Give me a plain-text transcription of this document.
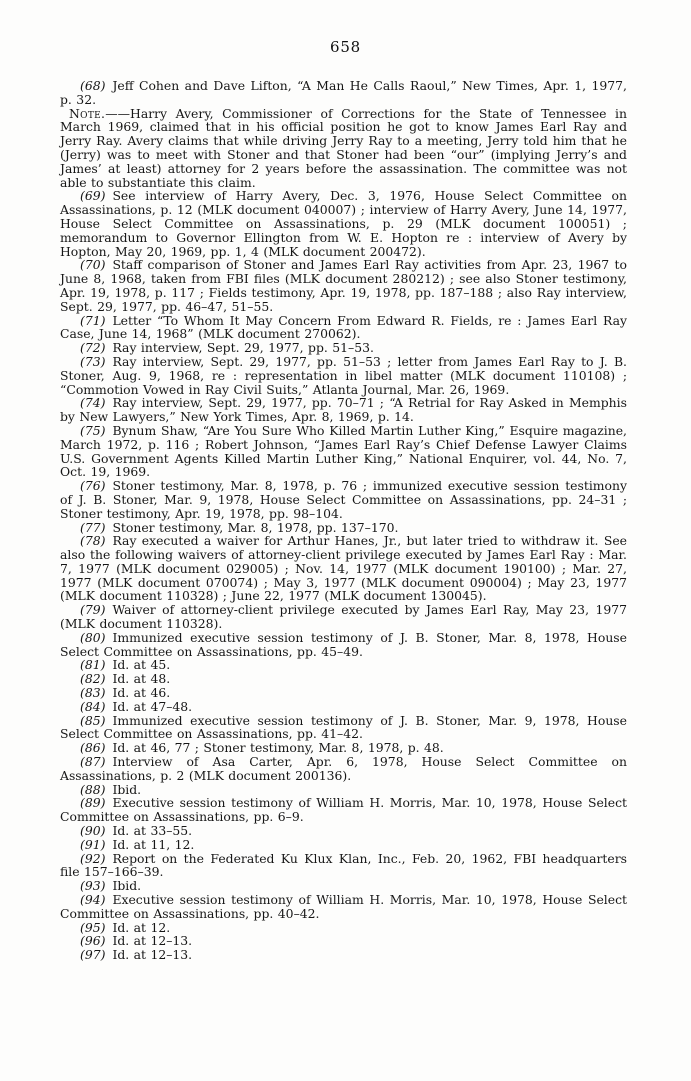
658

(68) Jeff Cohen and Dave Lifton, “A Man He Calls Raoul,” New Times, Apr. 1, 1977, p. 32.

Note.——Harry Avery, Commissioner of Corrections for the State of Tennessee in March 1969, claimed that in his official position he got to know James Earl Ray and Jerry Ray. Avery claims that while driving Jerry Ray to a meeting, Jerry told him that he (Jerry) was to meet with Stoner and that Stoner had been “our” (implying Jerry’s and James’ at least) attorney for 2 years before the assassination. The committee was not able to substantiate this claim.

(69) See interview of Harry Avery, Dec. 3, 1976, House Select Committee on Assassinations, p. 12 (MLK document 040007) ; interview of Harry Avery, June 14, 1977, House Select Committee on Assassinations, p. 29 (MLK document 100051) ; memorandum to Governor Ellington from W. E. Hopton re : interview of Avery by Hopton, May 20, 1969, pp. 1, 4 (MLK document 200472).

(70) Staff comparison of Stoner and James Earl Ray activities from Apr. 23, 1967 to June 8, 1968, taken from FBI files (MLK document 280212) ; see also Stoner testimony, Apr. 19, 1978, p. 117 ; Fields testimony, Apr. 19, 1978, pp. 187–188 ; also Ray interview, Sept. 29, 1977, pp. 46–47, 51–55.

(71) Letter “To Whom It May Concern From Edward R. Fields, re : James Earl Ray Case, June 14, 1968” (MLK document 270062).

(72) Ray interview, Sept. 29, 1977, pp. 51–53.

(73) Ray interview, Sept. 29, 1977, pp. 51–53 ; letter from James Earl Ray to J. B. Stoner, Aug. 9, 1968, re : representation in libel matter (MLK document 110108) ; “Commotion Vowed in Ray Civil Suits,” Atlanta Journal, Mar. 26, 1969.

(74) Ray interview, Sept. 29, 1977, pp. 70–71 ; “A Retrial for Ray Asked in Memphis by New Lawyers,” New York Times, Apr. 8, 1969, p. 14.

(75) Bynum Shaw, “Are You Sure Who Killed Martin Luther King,” Esquire magazine, March 1972, p. 116 ; Robert Johnson, “James Earl Ray’s Chief Defense Lawyer Claims U.S. Government Agents Killed Martin Luther King,” National Enquirer, vol. 44, No. 7, Oct. 19, 1969.

(76) Stoner testimony, Mar. 8, 1978, p. 76 ; immunized executive session testimony of J. B. Stoner, Mar. 9, 1978, House Select Committee on Assassinations, pp. 24–31 ; Stoner testimony, Apr. 19, 1978, pp. 98–104.

(77) Stoner testimony, Mar. 8, 1978, pp. 137–170.

(78) Ray executed a waiver for Arthur Hanes, Jr., but later tried to withdraw it. See also the following waivers of attorney-client privilege executed by James Earl Ray : Mar. 7, 1977 (MLK document 029005) ; Nov. 14, 1977 (MLK document 190100) ; Mar. 27, 1977 (MLK document 070074) ; May 3, 1977 (MLK document 090004) ; May 23, 1977 (MLK document 110328) ; June 22, 1977 (MLK document 130045).

(79) Waiver of attorney-client privilege executed by James Earl Ray, May 23, 1977 (MLK document 110328).

(80) Immunized executive session testimony of J. B. Stoner, Mar. 8, 1978, House Select Committee on Assassinations, pp. 45–49.

(81) Id. at 45.

(82) Id. at 48.

(83) Id. at 46.

(84) Id. at 47–48.

(85) Immunized executive session testimony of J. B. Stoner, Mar. 9, 1978, House Select Committee on Assassinations, pp. 41–42.

(86) Id. at 46, 77 ; Stoner testimony, Mar. 8, 1978, p. 48.

(87) Interview of Asa Carter, Apr. 6, 1978, House Select Committee on Assassinations, p. 2 (MLK document 200136).

(88) Ibid.

(89) Executive session testimony of William H. Morris, Mar. 10, 1978, House Select Committee on Assassinations, pp. 6–9.

(90) Id. at 33–55.

(91) Id. at 11, 12.

(92) Report on the Federated Ku Klux Klan, Inc., Feb. 20, 1962, FBI headquarters file 157–166–39.

(93) Ibid.

(94) Executive session testimony of William H. Morris, Mar. 10, 1978, House Select Committee on Assassinations, pp. 40–42.

(95) Id. at 12.

(96) Id. at 12–13.

(97) Id. at 12–13.
